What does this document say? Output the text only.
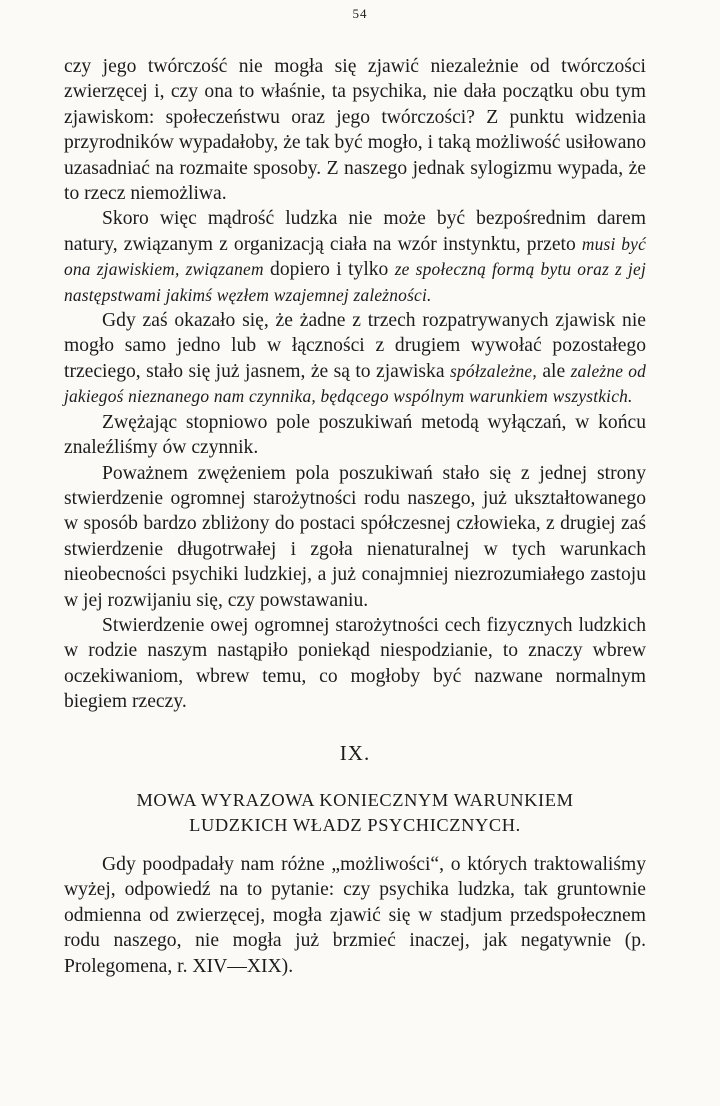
54

czy jego twórczość nie mogła się zjawić niezależnie od twórczości zwierzęcej i, czy ona to właśnie, ta psychika, nie dała początku obu tym zjawiskom: społeczeństwu oraz jego twórczości? Z punktu widzenia przyrodników wypadałoby, że tak być mogło, i taką możliwość usiłowano uzasadniać na rozmaite sposoby. Z naszego jednak sylogizmu wypada, że to rzecz niemożliwa.

Skoro więc mądrość ludzka nie może być bezpośrednim darem natury, związanym z organizacją ciała na wzór instynktu, przeto musi być ona zjawiskiem, związanem dopiero i tylko ze społeczną formą bytu oraz z jej następstwami jakimś węzłem wzajemnej zależności.

Gdy zaś okazało się, że żadne z trzech rozpatrywanych zjawisk nie mogło samo jedno lub w łączności z drugiem wywołać pozostałego trzeciego, stało się już jasnem, że są to zjawiska spółzależne, ale zależne od jakiegoś nieznanego nam czynnika, będącego wspólnym warunkiem wszystkich.

Zwężając stopniowo pole poszukiwań metodą wyłączań, w końcu znaleźliśmy ów czynnik.

Poważnem zwężeniem pola poszukiwań stało się z jednej strony stwierdzenie ogromnej starożytności rodu naszego, już ukształtowanego w sposób bardzo zbliżony do postaci spółczesnej człowieka, z drugiej zaś stwierdzenie długotrwałej i zgoła nienaturalnej w tych warunkach nieobecności psychiki ludzkiej, a już conajmniej niezrozumiałego zastoju w jej rozwijaniu się, czy powstawaniu.

Stwierdzenie owej ogromnej starożytności cech fizycznych ludzkich w rodzie naszym nastąpiło poniekąd niespodzianie, to znaczy wbrew oczekiwaniom, wbrew temu, co mogłoby być nazwane normalnym biegiem rzeczy.

IX.
MOWA WYRAZOWA KONIECZNYM WARUNKIEM
LUDZKICH WŁADZ PSYCHICZNYCH.

Gdy poodpadały nam różne „możliwości“, o których traktowaliśmy wyżej, odpowiedź na to pytanie: czy psychika ludzka, tak gruntownie odmienna od zwierzęcej, mogła zjawić się w stadjum przedspołecznem rodu naszego, nie mogła już brzmieć inaczej, jak negatywnie (p. Prolegomena, r. XIV—XIX).
